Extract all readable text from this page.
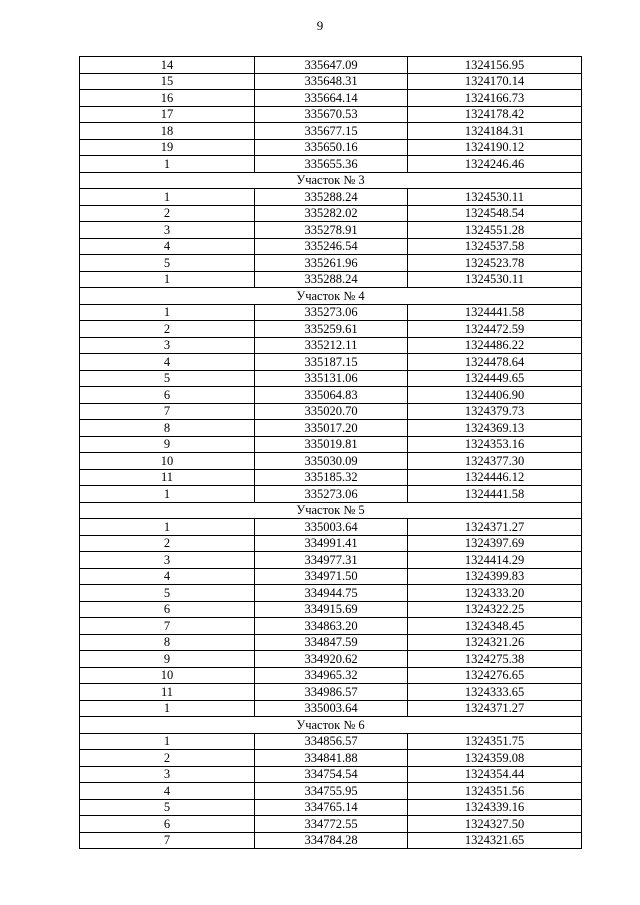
9
14	335647.09	1324156.95
15	335648.31	1324170.14
16	335664.14	1324166.73
17	335670.53	1324178.42
18	335677.15	1324184.31
19	335650.16	1324190.12
1	335655.36	1324246.46
Участок № 3		
1	335288.24	1324530.11
2	335282.02	1324548.54
3	335278.91	1324551.28
4	335246.54	1324537.58
5	335261.96	1324523.78
1	335288.24	1324530.11
Участок № 4		
1	335273.06	1324441.58
2	335259.61	1324472.59
3	335212.11	1324486.22
4	335187.15	1324478.64
5	335131.06	1324449.65
6	335064.83	1324406.90
7	335020.70	1324379.73
8	335017.20	1324369.13
9	335019.81	1324353.16
10	335030.09	1324377.30
11	335185.32	1324446.12
1	335273.06	1324441.58
Участок № 5		
1	335003.64	1324371.27
2	334991.41	1324397.69
3	334977.31	1324414.29
4	334971.50	1324399.83
5	334944.75	1324333.20
6	334915.69	1324322.25
7	334863.20	1324348.45
8	334847.59	1324321.26
9	334920.62	1324275.38
10	334965.32	1324276.65
11	334986.57	1324333.65
1	335003.64	1324371.27
Участок № 6		
1	334856.57	1324351.75
2	334841.88	1324359.08
3	334754.54	1324354.44
4	334755.95	1324351.56
5	334765.14	1324339.16
6	334772.55	1324327.50
7	334784.28	1324321.65
